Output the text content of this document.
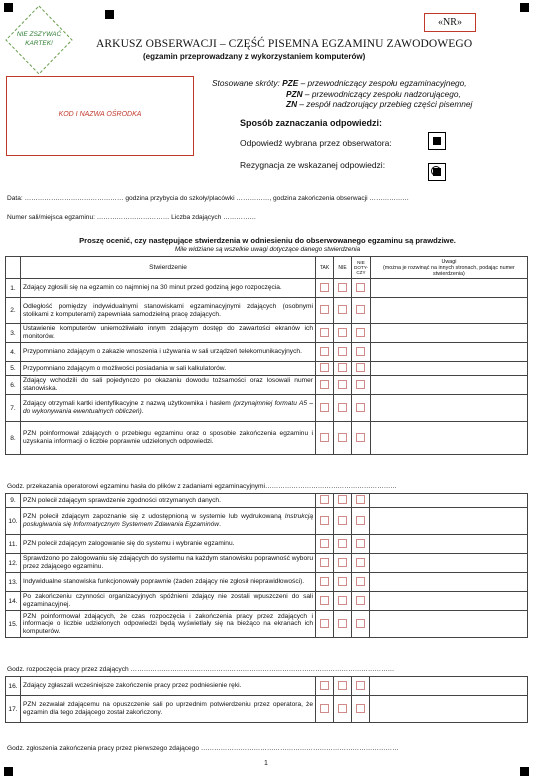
«NR»
NIE ZSZYWAĆ KARTEK!	ARKUSZ OBSERWACJI – CZĘŚĆ PISEMNA EGZAMINU ZAWODOWEGO
(egzamin przeprowadzany z wykorzystaniem komputerów)
KOD I NAZWA OŚRODKA
Stosowane skróty: PZE – przewodniczący zespołu egzaminacyjnego,
PZN – przewodniczący zespołu nadzorującego,
ZN – zespół nadzorujący przebieg części pisemnej
Sposób zaznaczania odpowiedzi:
Odpowiedź wybrana przez obserwatora:
Rezygnacja ze wskazanej odpowiedzi:
Data: ……………………………………… godzina przybycia do szkoły/placówki ……………, godzina zakończenia obserwacji ………………
Numer sali/miejsca egzaminu: …………………………… Liczba zdających ……………
Proszę ocenić, czy następujące stwierdzenia w odniesieniu do obserwowanego egzaminu są prawdziwe.
Mile widziane są wszelkie uwagi dotyczące danego stwierdzenia
	Stwierdzenie	TAK	NIE	NIE DOTY-CZY	Uwagi
(można je rozwinąć na innych stronach, podając numer stwierdzenia)

1.	Zdający zgłosili się na egzamin co najmniej na 30 minut przed godziną jego rozpoczęcia.				
2.	Odległość pomiędzy indywidualnymi stanowiskami egzaminacyjnymi zdających (osobnymi stolikami z komputerami) zapewniała samodzielną pracę zdających.				
3.	Ustawienie komputerów uniemożliwiało innym zdającym dostęp do zawartości ekranów ich monitorów.				
4.	Przypomniano zdającym o zakazie wnoszenia i używania w sali urządzeń telekomunikacyjnych.				
5.	Przypomniano zdającym o możliwości posiadania w sali kalkulatorów.				
6.	Zdający wchodzili do sali pojedynczo po okazaniu dowodu tożsamości oraz losowali numer stanowiska.				
7.	Zdający otrzymali kartki identyfikacyjne z nazwą użytkownika i hasłem (przynajmniej formatu A5 – do wykonywania ewentualnych obliczeń).				
8.	PZN poinformował zdających o przebiegu egzaminu oraz o sposobie zakończenia egzaminu i uzyskania informacji o liczbie poprawnie udzielonych odpowiedzi.				
Godz. przekazania operatorowi egzaminu hasła do plików z zadaniami egzaminacyjnymi……………………………………………………
9.	PZN polecił zdającym sprawdzenie zgodności otrzymanych danych.				
10.	PZN polecił zdającym zapoznanie się z udostępnioną w systemie lub wydrukowaną Instrukcją posługiwania się Informatycznym Systemem Zdawania Egzaminów.				
11.	PZN polecił zdającym zalogowanie się do systemu i wybranie egzaminu.				
12.	Sprawdzono po zalogowaniu się zdających do systemu na każdym stanowisku poprawność wyboru przez zdającego egzaminu.				
13.	Indywidualne stanowiska funkcjonowały poprawnie (żaden zdający nie zgłosił nieprawidłowości).				
14.	Po zakończeniu czynności organizacyjnych spóźnieni zdający nie zostali wpuszczeni do sali egzaminacyjnej.				
15.	PZN poinformował zdających, że czas rozpoczęcia i zakończenia pracy przez zdających i informacje o liczbie udzielonych odpowiedzi będą wyświetlały się na bieżąco na ekranach ich komputerów.				
Godz. rozpoczęcia pracy przez zdających …………………………………………………………………………………………………………
16.	Zdający zgłaszali wcześniejsze zakończenie pracy przez podniesienie ręki.				
17.	PZN zezwalał zdającemu na opuszczenie sali po uprzednim potwierdzeniu przez operatora, że egzamin dla tego zdającego został zakończony.				
Godz. zgłoszenia zakończenia pracy przez pierwszego zdającego ………………………………………………………………………………
1
